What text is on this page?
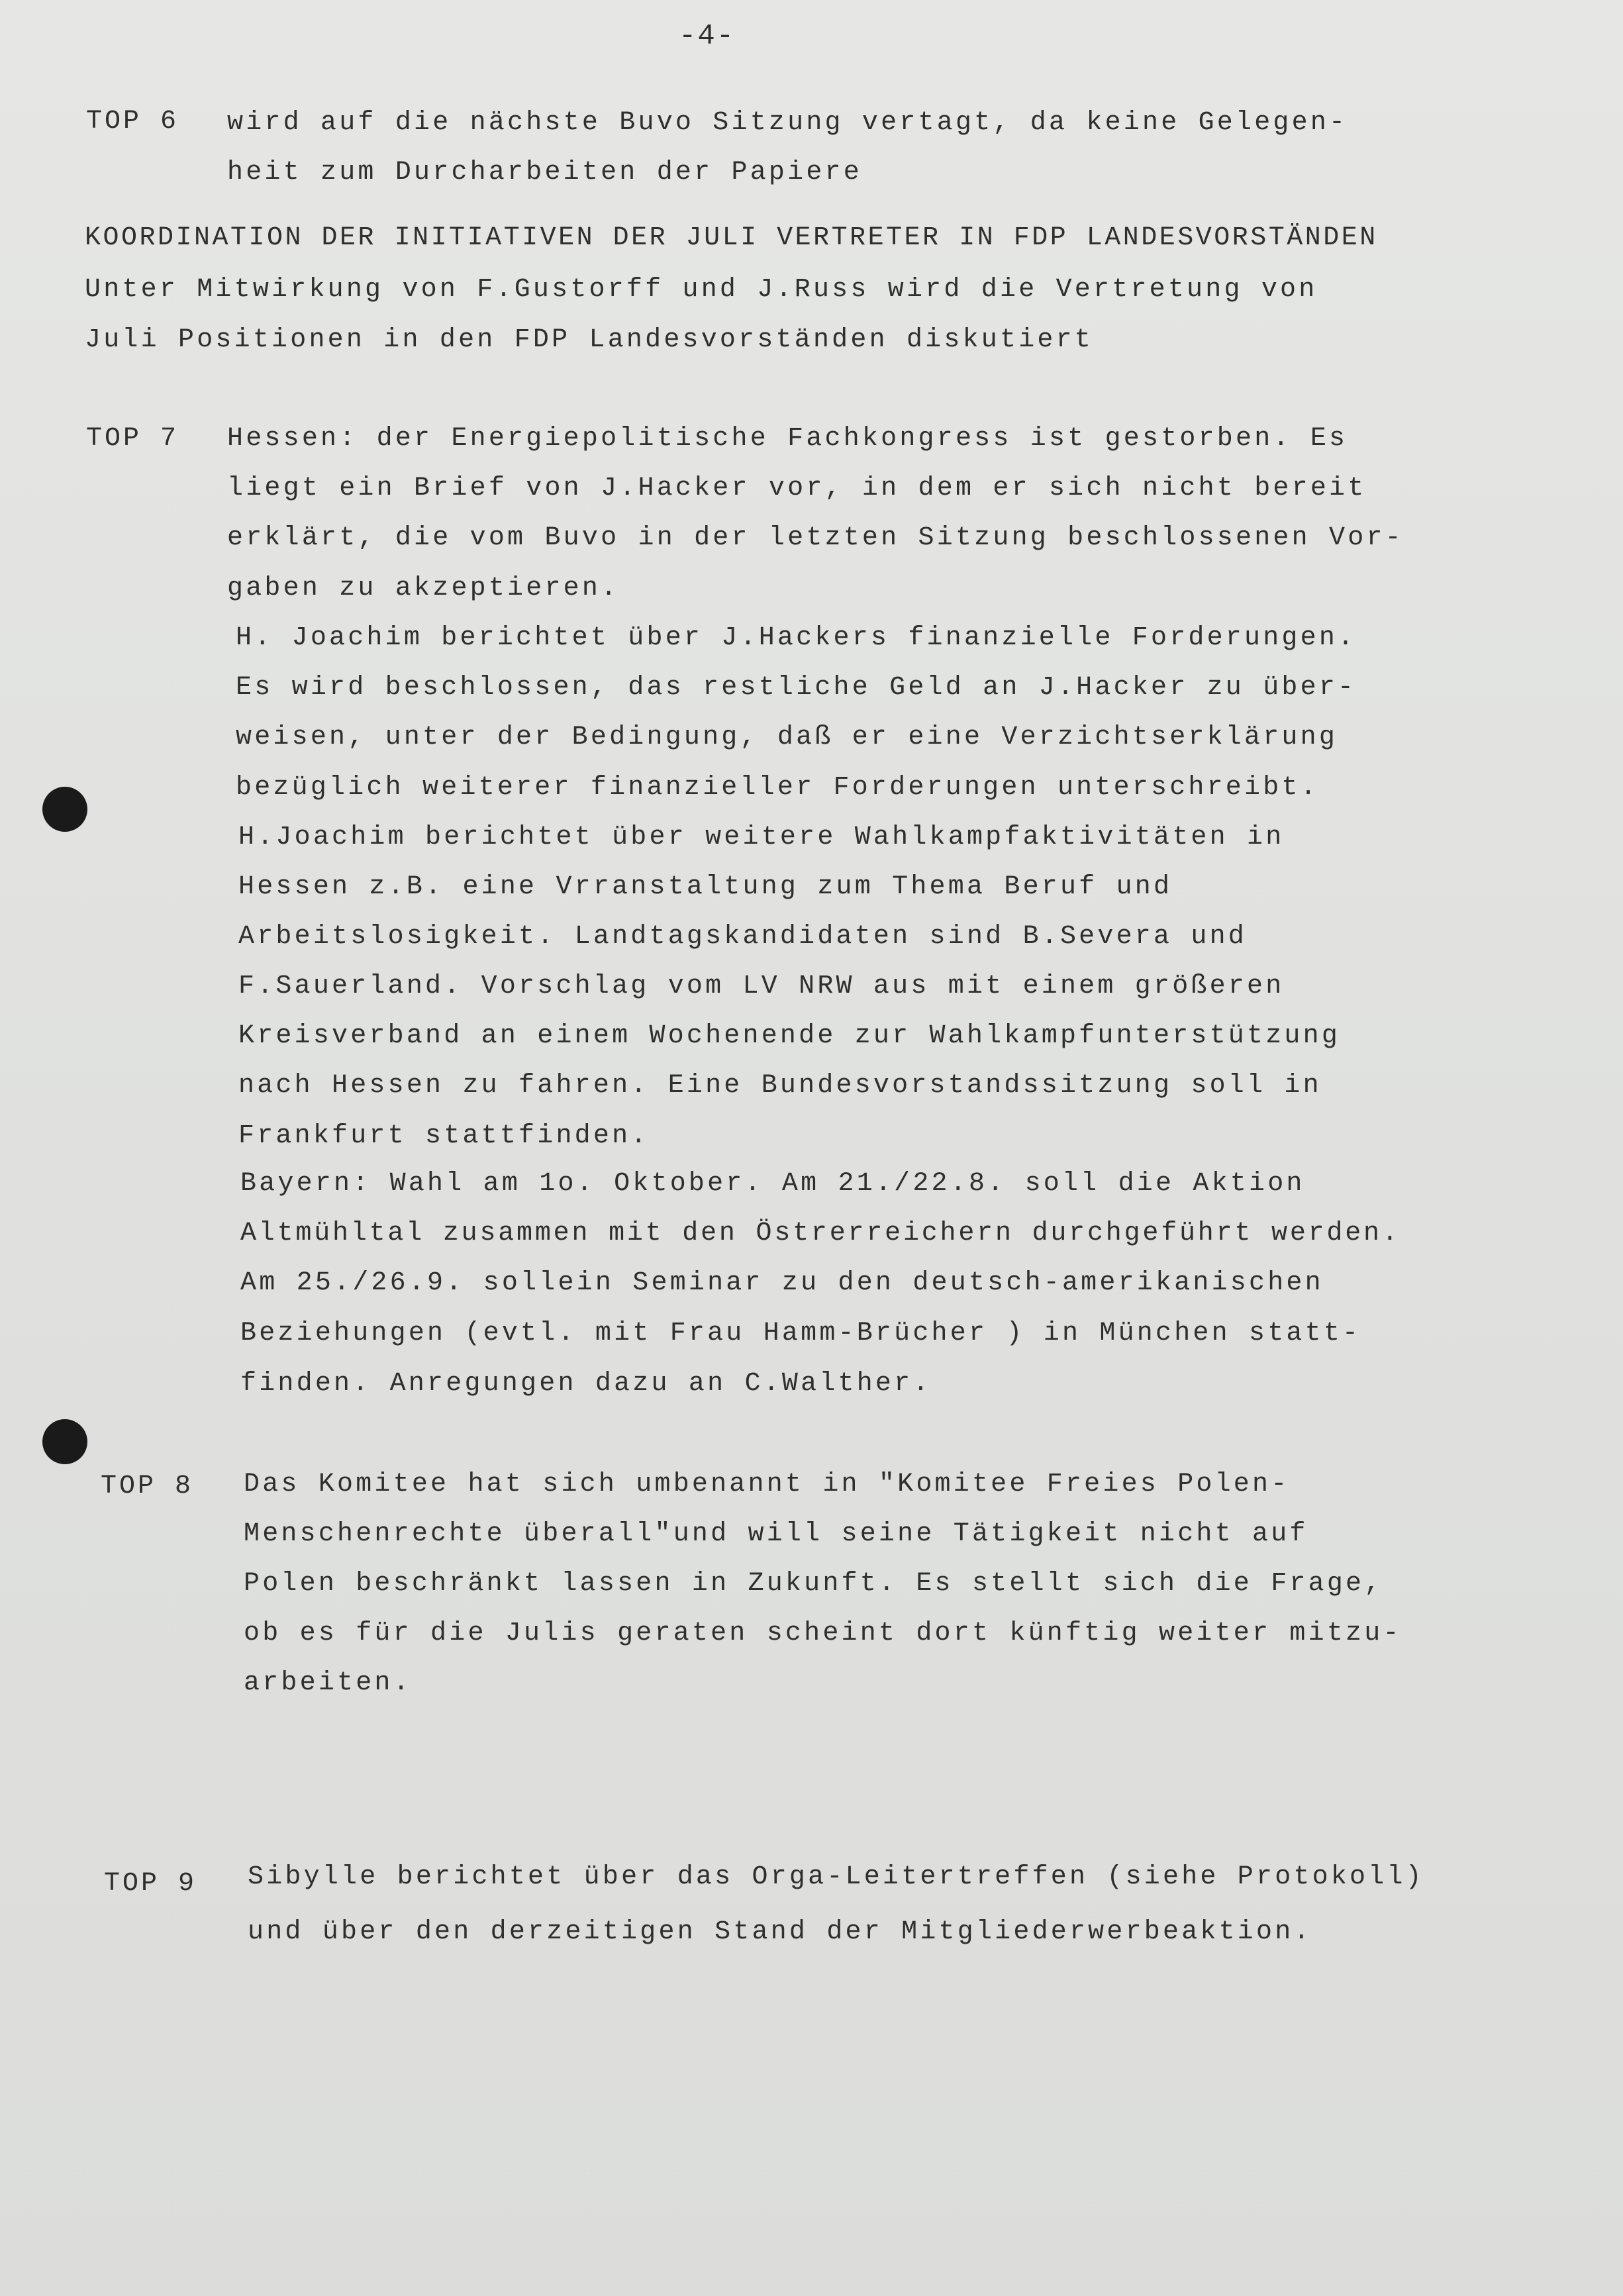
-4-
TOP 6 wird auf die nächste Buvo Sitzung vertagt, da keine Gelegen-
heit zum Durcharbeiten der Papiere
KOORDINATION DER INITIATIVEN DER JULI VERTRETER IN FDP LANDESVORSTÄNDEN
Unter Mitwirkung von F.Gustorff und J.Russ wird die Vertretung von
Juli Positionen in den FDP Landesvorständen diskutiert
TOP 7 Hessen: der Energiepolitische Fachkongress ist gestorben. Es
liegt ein Brief von J.Hacker vor, in dem er sich nicht bereit
erklärt, die vom Buvo in der letzten Sitzung beschlossenen Vor-
gaben zu akzeptieren.
H. Joachim berichtet über J.Hackers finanzielle Forderungen.
Es wird beschlossen, das restliche Geld an J.Hacker zu über-
weisen, unter der Bedingung, daß er eine Verzichtserklärung
bezüglich weiterer finanzieller Forderungen unterschreibt.
H.Joachim berichtet über weitere Wahlkampfaktivitäten in
Hessen z.B. eine Vrranstaltung zum Thema Beruf und
Arbeitslosigkeit. Landtagskandidaten sind B.Severa und
F.Sauerland. Vorschlag vom LV NRW aus mit einem größeren
Kreisverband an einem Wochenende zur Wahlkampfunterstützung
nach Hessen zu fahren. Eine Bundesvorstandssitzung soll in
Frankfurt stattfinden.
Bayern: Wahl am 1o. Oktober. Am 21./22.8. soll die Aktion
Altmühltal zusammen mit den Östrerreichern durchgeführt werden.
Am 25./26.9. sollein Seminar zu den deutsch-amerikanischen
Beziehungen (evtl. mit Frau Hamm-Brücher ) in München statt-
finden. Anregungen dazu an C.Walther.
TOP 8 Das Komitee hat sich umbenannt in "Komitee Freies Polen-
Menschenrechte überall"und will seine Tätigkeit nicht auf
Polen beschränkt lassen in Zukunft. Es stellt sich die Frage,
ob es für die Julis geraten scheint dort künftig weiter mitzu-
arbeiten.
TOP 9 Sibylle berichtet über das Orga-Leitertreffen (siehe Protokoll)
und über den derzeitigen Stand der Mitgliederwerbeaktion.
